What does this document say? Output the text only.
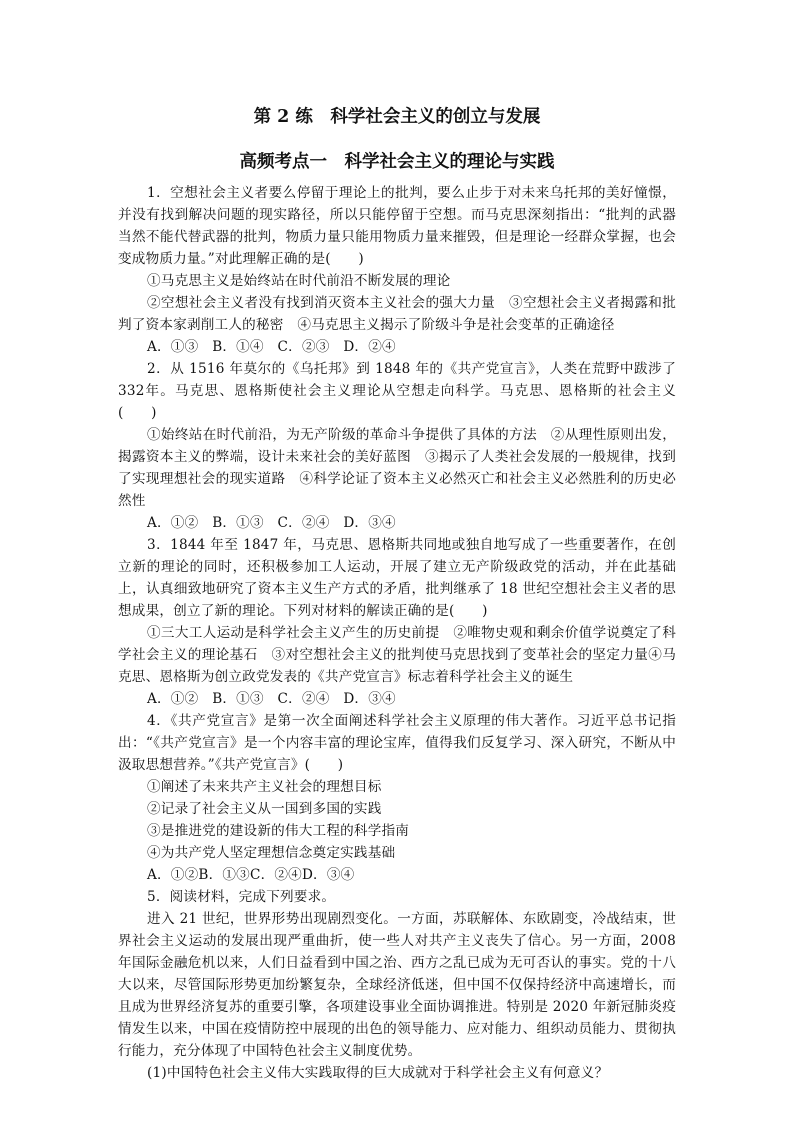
第 2 练　科学社会主义的创立与发展
高频考点一　科学社会主义的理论与实践

1．空想社会主义者要么停留于理论上的批判，要么止步于对未来乌托邦的美好憧憬，并没有找到解决问题的现实路径，所以只能停留于空想。而马克思深刻指出：“批判的武器当然不能代替武器的批判，物质力量只能用物质力量来摧毁，但是理论一经群众掌握，也会变成物质力量。”对此理解正确的是(　　)

①马克思主义是始终站在时代前沿不断发展的理论

②空想社会主义者没有找到消灭资本主义社会的强大力量　③空想社会主义者揭露和批判了资本家剥削工人的秘密　④马克思主义揭示了阶级斗争是社会变革的正确途径

A．①③　B．①④　C．②③　D．②④

2．从 1516 年莫尔的《乌托邦》到 1848 年的《共产党宣言》，人类在荒野中跋涉了 332年。马克思、恩格斯使社会主义理论从空想走向科学。马克思、恩格斯的社会主义(　　)

①始终站在时代前沿，为无产阶级的革命斗争提供了具体的方法　②从理性原则出发，揭露资本主义的弊端，设计未来社会的美好蓝图　③揭示了人类社会发展的一般规律，找到了实现理想社会的现实道路　④科学论证了资本主义必然灭亡和社会主义必然胜利的历史必然性

A．①②　B．①③　C．②④　D．③④

3．1844 年至 1847 年，马克思、恩格斯共同地或独自地写成了一些重要著作，在创立新的理论的同时，还积极参加工人运动，开展了建立无产阶级政党的活动，并在此基础上，认真细致地研究了资本主义生产方式的矛盾，批判继承了 18 世纪空想社会主义者的思想成果，创立了新的理论。下列对材料的解读正确的是(　　)

①三大工人运动是科学社会主义产生的历史前提　②唯物史观和剩余价值学说奠定了科学社会主义的理论基石　③对空想社会主义的批判使马克思找到了变革社会的坚定力量④马克思、恩格斯为创立政党发表的《共产党宣言》标志着科学社会主义的诞生

A．①②　B．①③　C．②④　D．③④

4．《共产党宣言》是第一次全面阐述科学社会主义原理的伟大著作。习近平总书记指出：“《共产党宣言》是一个内容丰富的理论宝库，值得我们反复学习、深入研究，不断从中汲取思想营养。”《共产党宣言》(　　)

①阐述了未来共产主义社会的理想目标

②记录了社会主义从一国到多国的实践

③是推进党的建设新的伟大工程的科学指南

④为共产党人坚定理想信念奠定实践基础

A．①②B．①③C．②④D．③④

5．阅读材料，完成下列要求。

进入 21 世纪，世界形势出现剧烈变化。一方面，苏联解体、东欧剧变，冷战结束，世界社会主义运动的发展出现严重曲折，使一些人对共产主义丧失了信心。另一方面，2008年国际金融危机以来，人们日益看到中国之治、西方之乱已成为无可否认的事实。党的十八大以来，尽管国际形势更加纷繁复杂，全球经济低迷，但中国不仅保持经济中高速增长，而且成为世界经济复苏的重要引擎，各项建设事业全面协调推进。特别是 2020 年新冠肺炎疫情发生以来，中国在疫情防控中展现的出色的领导能力、应对能力、组织动员能力、贯彻执行能力，充分体现了中国特色社会主义制度优势。

(1)中国特色社会主义伟大实践取得的巨大成就对于科学社会主义有何意义？
